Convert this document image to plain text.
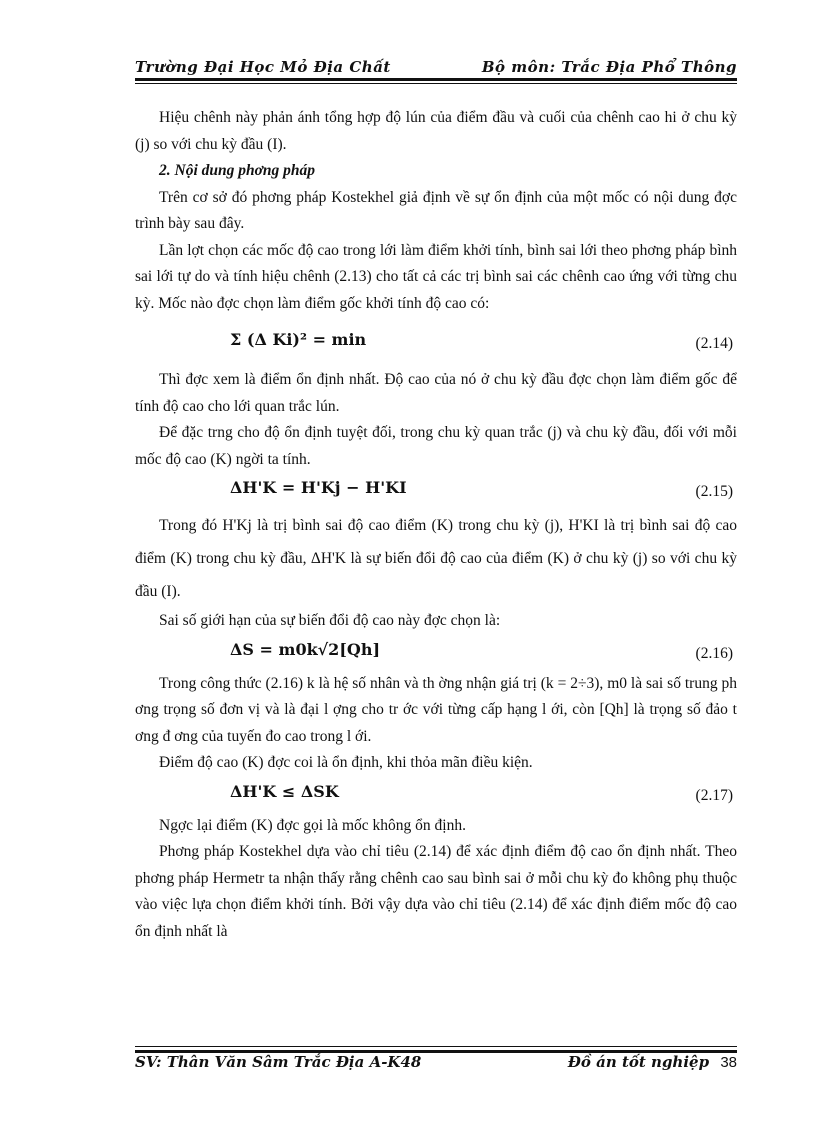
Trường Đại Học Mỏ Địa Chất	Bộ môn: Trắc Địa Phổ Thông

Hiệu chênh này phản ánh tổng hợp độ lún của điểm đầu và cuối của chênh cao hi ở chu kỳ (j) so với chu kỳ đầu (I).

2. Nội dung phơng pháp

Trên cơ sở đó phơng pháp Kostekhel giả định về sự ổn định của một mốc có nội dung đợc trình bày sau đây.

Lần lợt chọn các mốc độ cao trong lới làm điểm khởi tính, bình sai lới theo phơng pháp bình sai lới tự do và tính hiệu chênh (2.13) cho tất cả các trị bình sai các chênh cao ứng với từng chu kỳ. Mốc nào đợc chọn làm điểm gốc khởi tính độ cao có:

Σ (Δ Ki)² = min	(2.14)

Thì đợc xem là điểm ổn định nhất. Độ cao của nó ở chu kỳ đầu đợc chọn làm điểm gốc để tính độ cao cho lới quan trắc lún.

Để đặc trng cho độ ổn định tuyệt đối, trong chu kỳ quan trắc (j) và chu kỳ đầu, đối với mỗi mốc độ cao (K) ngời ta tính.

ΔH'K = H'Kj − H'KI	(2.15)

Trong đó H'Kj là trị bình sai độ cao điểm (K) trong chu kỳ (j), H'KI là trị bình sai độ cao điểm (K) trong chu kỳ đầu, ΔH'K là sự biến đổi độ cao của điểm (K) ở chu kỳ (j) so với chu kỳ đầu (I).

Sai số giới hạn của sự biến đổi độ cao này đợc chọn là:

ΔS = m0k√2[Qh]	(2.16)

Trong công thức (2.16) k là hệ số nhân và th ờng nhận giá trị (k = 2÷3), m0 là sai số trung ph ơng trọng số đơn vị và là đại l ợng cho tr ớc với từng cấp hạng l ới, còn [Qh] là trọng số đảo t ơng đ ơng của tuyến đo cao trong l ới.

Điểm độ cao (K) đợc coi là ổn định, khi thỏa mãn điều kiện.

ΔH'K ≤ ΔSK	(2.17)

Ngợc lại điểm (K) đợc gọi là mốc không ổn định.

Phơng pháp Kostekhel dựa vào chỉ tiêu (2.14) để xác định điểm độ cao ổn định nhất. Theo phơng pháp Hermetr ta nhận thấy rằng chênh cao sau bình sai ở mỗi chu kỳ đo không phụ thuộc vào việc lựa chọn điểm khởi tính. Bởi vậy dựa vào chỉ tiêu (2.14) để xác định điểm mốc độ cao ổn định nhất là

SV: Thân Văn Sâm Trắc Địa A-K48	Đồ án tốt nghiệp 38
